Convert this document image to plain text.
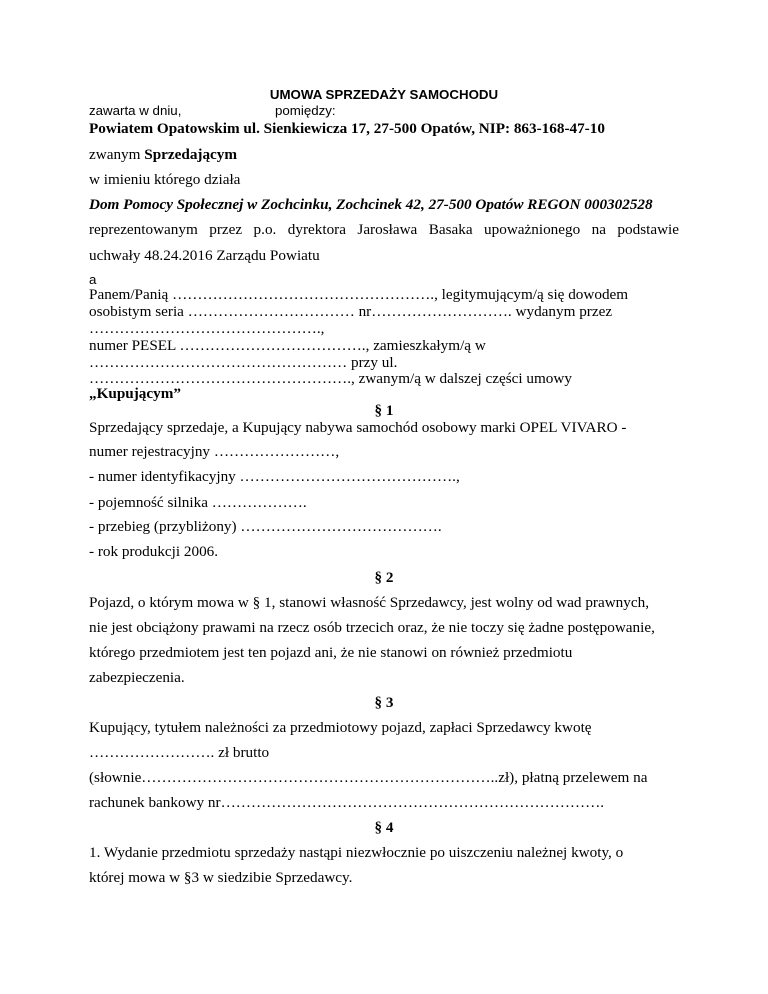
UMOWA SPRZEDAŻY SAMOCHODU
zawarta w dniu,	pomiędzy:
Powiatem Opatowskim ul. Sienkiewicza 17, 27-500 Opatów, NIP: 863-168-47-10
zwanym Sprzedającym
w imieniu którego działa
Dom Pomocy Społecznej w Zochcinku, Zochcinek 42, 27-500 Opatów REGON 000302528
reprezentowanym przez p.o. dyrektora Jarosława Basaka upoważnionego na podstawie
uchwały 48.24.2016 Zarządu Powiatu
a
Panem/Panią ……………………………………………., legitymującym/ą się dowodem
osobistym seria …………………………… nr………………………. wydanym przez
……………………………………….,
numer PESEL ………………………………., zamieszkałym/ą w
…………………………………………… przy ul.
……………………………………………., zwanym/ą w dalszej części umowy
„Kupującym”
§ 1
Sprzedający sprzedaje, a Kupujący nabywa samochód osobowy marki OPEL VIVARO -
numer rejestracyjny ……………………,
- numer identyfikacyjny …………………………………….,
- pojemność silnika ……………….
- przebieg (przybliżony) ………………………………….
- rok produkcji 2006.
§ 2
Pojazd, o którym mowa w § 1, stanowi własność Sprzedawcy, jest wolny od wad prawnych,
nie jest obciążony prawami na rzecz osób trzecich oraz, że nie toczy się żadne postępowanie,
którego przedmiotem jest ten pojazd ani, że nie stanowi on również przedmiotu
zabezpieczenia.
§ 3
Kupujący, tytułem należności za przedmiotowy pojazd, zapłaci Sprzedawcy kwotę
……………………. zł brutto
(słownie……………………………………………………………..zł), płatną przelewem na
rachunek bankowy nr………………………………………………………………….
§ 4
1. Wydanie przedmiotu sprzedaży nastąpi niezwłocznie po uiszczeniu należnej kwoty, o
której mowa w §3 w siedzibie Sprzedawcy.
